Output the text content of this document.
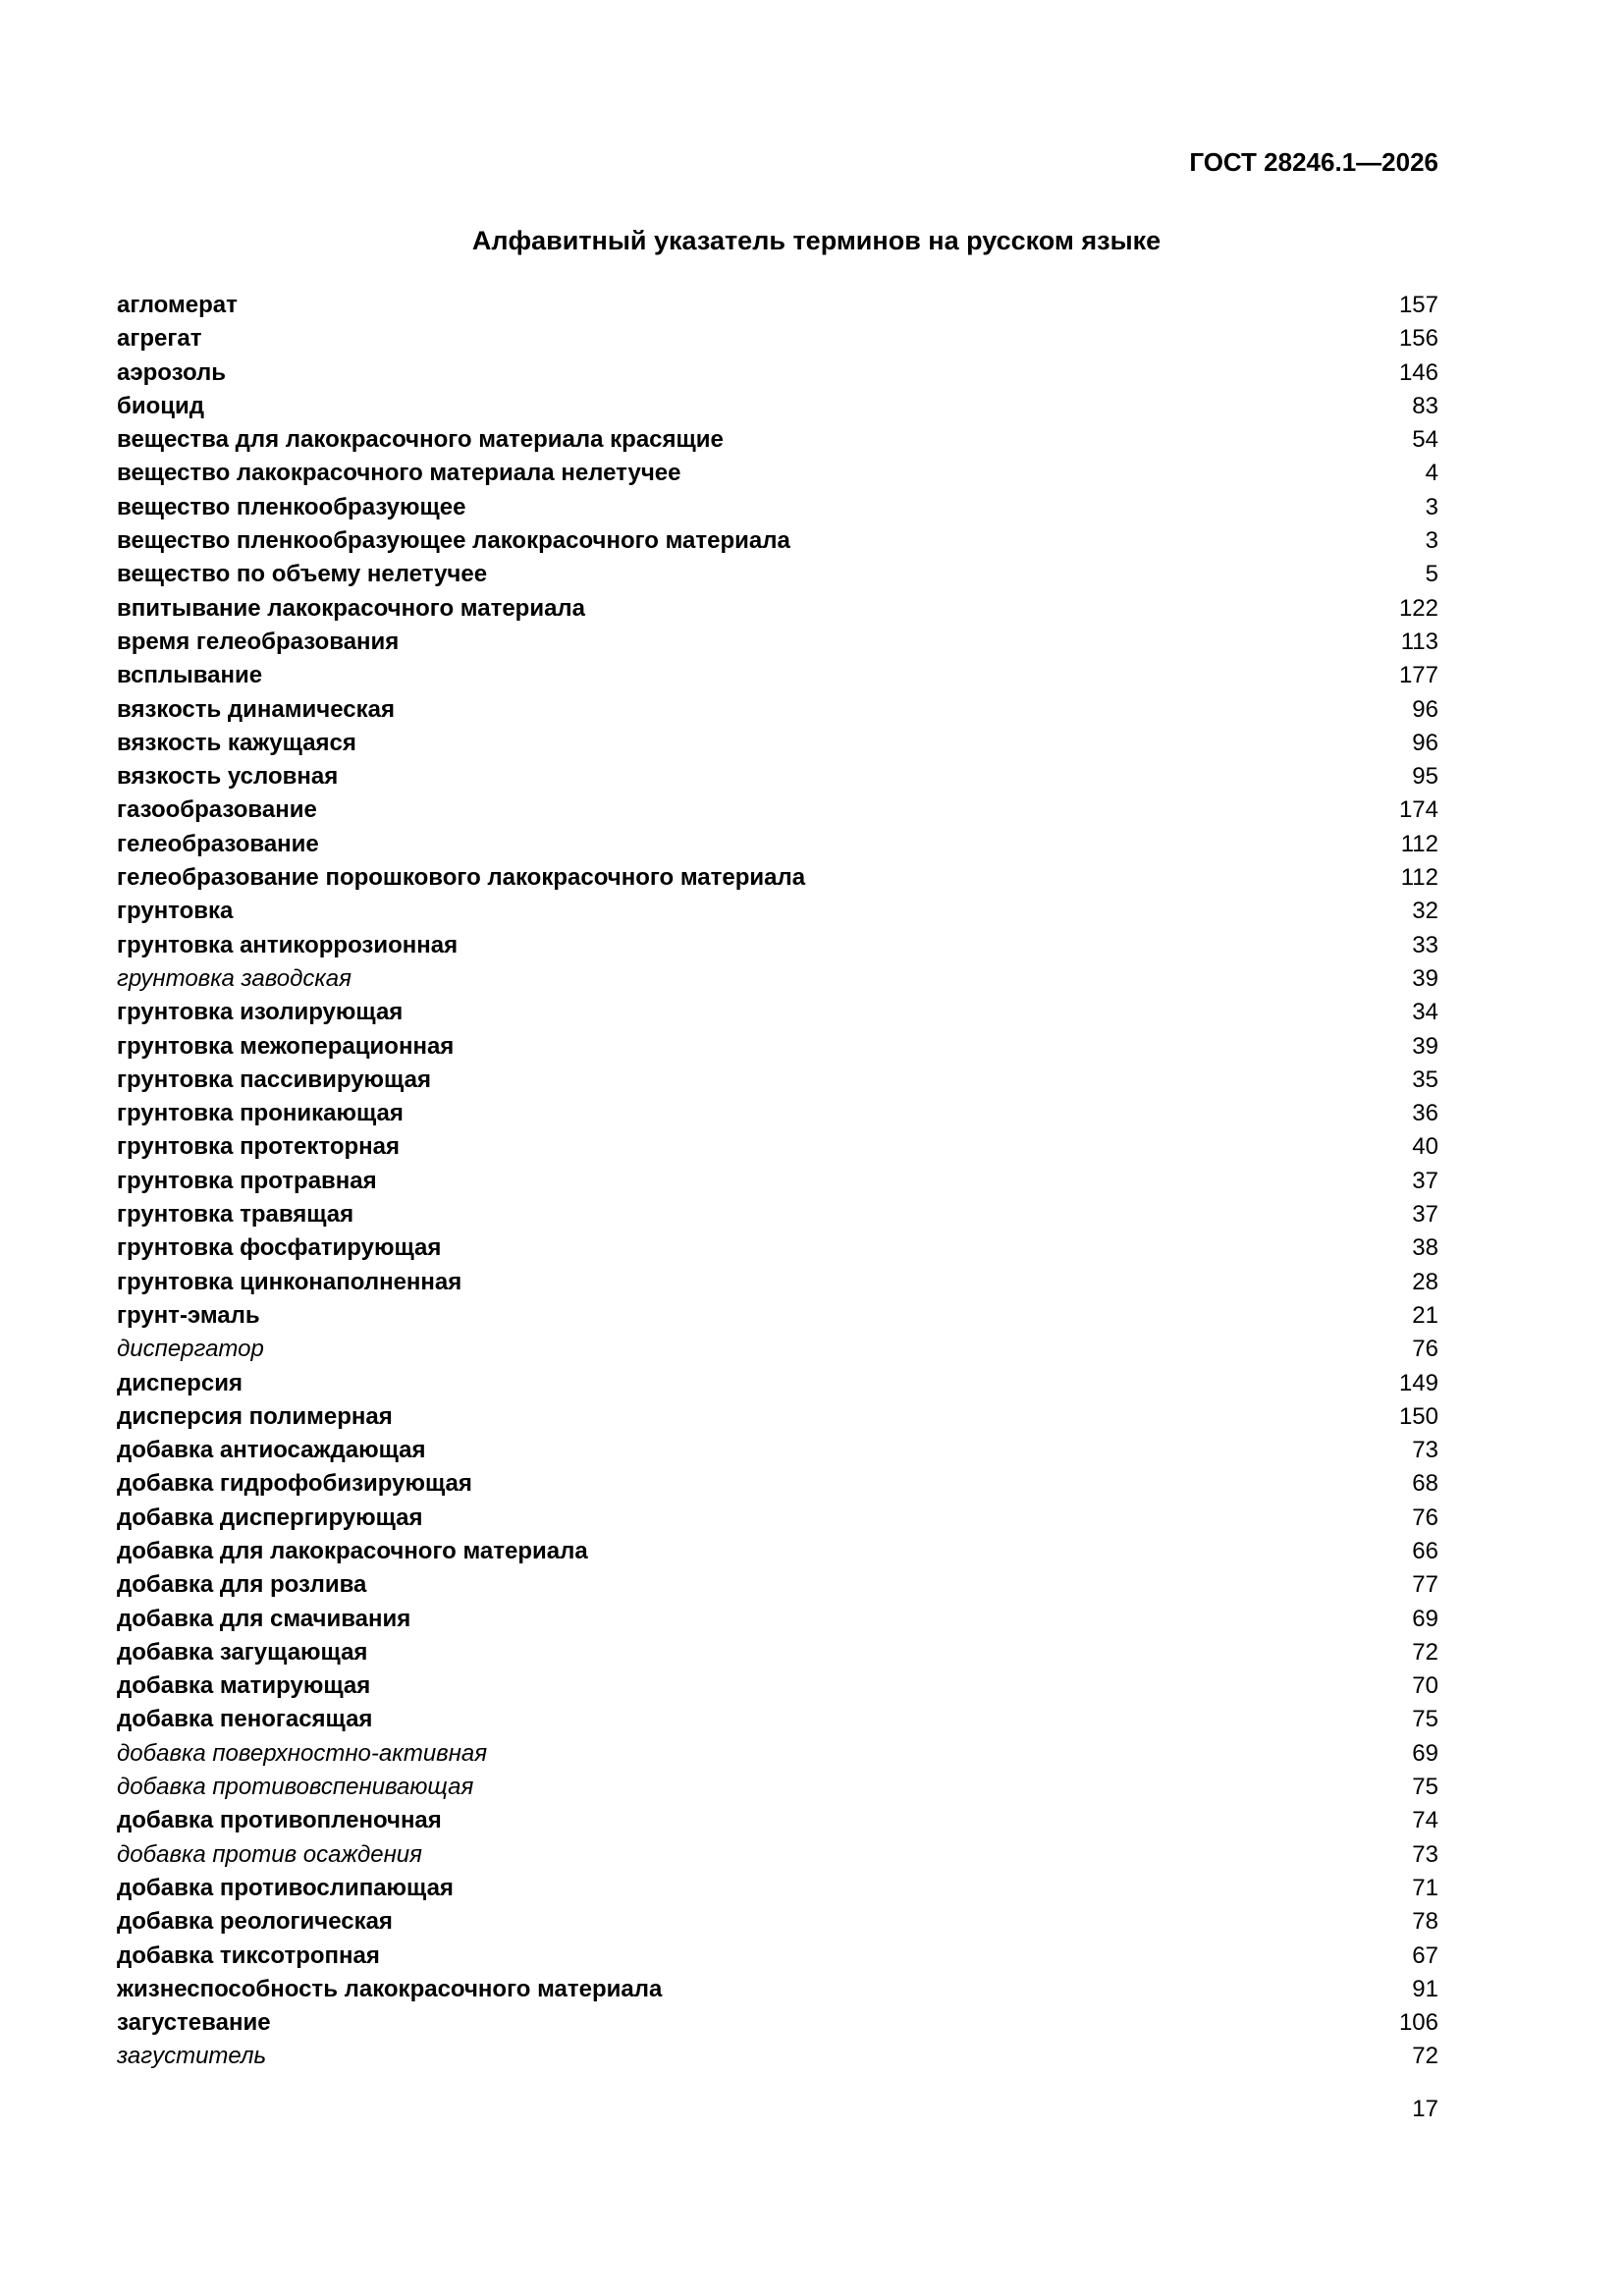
ГОСТ 28246.1—2026

Алфавитный указатель терминов на русском языке
агломерат	157
агрегат	156
аэрозоль	146
биоцид	83
вещества для лакокрасочного материала красящие	54
вещество лакокрасочного материала нелетучее	4
вещество пленкообразующее	3
вещество пленкообразующее лакокрасочного материала	3
вещество по объему нелетучее	5
впитывание лакокрасочного материала	122
время гелеобразования	113
всплывание	177
вязкость динамическая	96
вязкость кажущаяся	96
вязкость условная	95
газообразование	174
гелеобразование	112
гелеобразование порошкового лакокрасочного материала	112
грунтовка	32
грунтовка антикоррозионная	33
грунтовка заводская	39
грунтовка изолирующая	34
грунтовка межоперационная	39
грунтовка пассивирующая	35
грунтовка проникающая	36
грунтовка протекторная	40
грунтовка протравная	37
грунтовка травящая	37
грунтовка фосфатирующая	38
грунтовка цинконаполненная	28
грунт-эмаль	21
диспергатор	76
дисперсия	149
дисперсия полимерная	150
добавка антиосаждающая	73
добавка гидрофобизирующая	68
добавка диспергирующая	76
добавка для лакокрасочного материала	66
добавка для розлива	77
добавка для смачивания	69
добавка загущающая	72
добавка матирующая	70
добавка пеногасящая	75
добавка поверхностно-активная	69
добавка противовспенивающая	75
добавка противопленочная	74
добавка против осаждения	73
добавка противослипающая	71
добавка реологическая	78
добавка тиксотропная	67
жизнеспособность лакокрасочного материала	91
загустевание	106
загуститель	72

17
